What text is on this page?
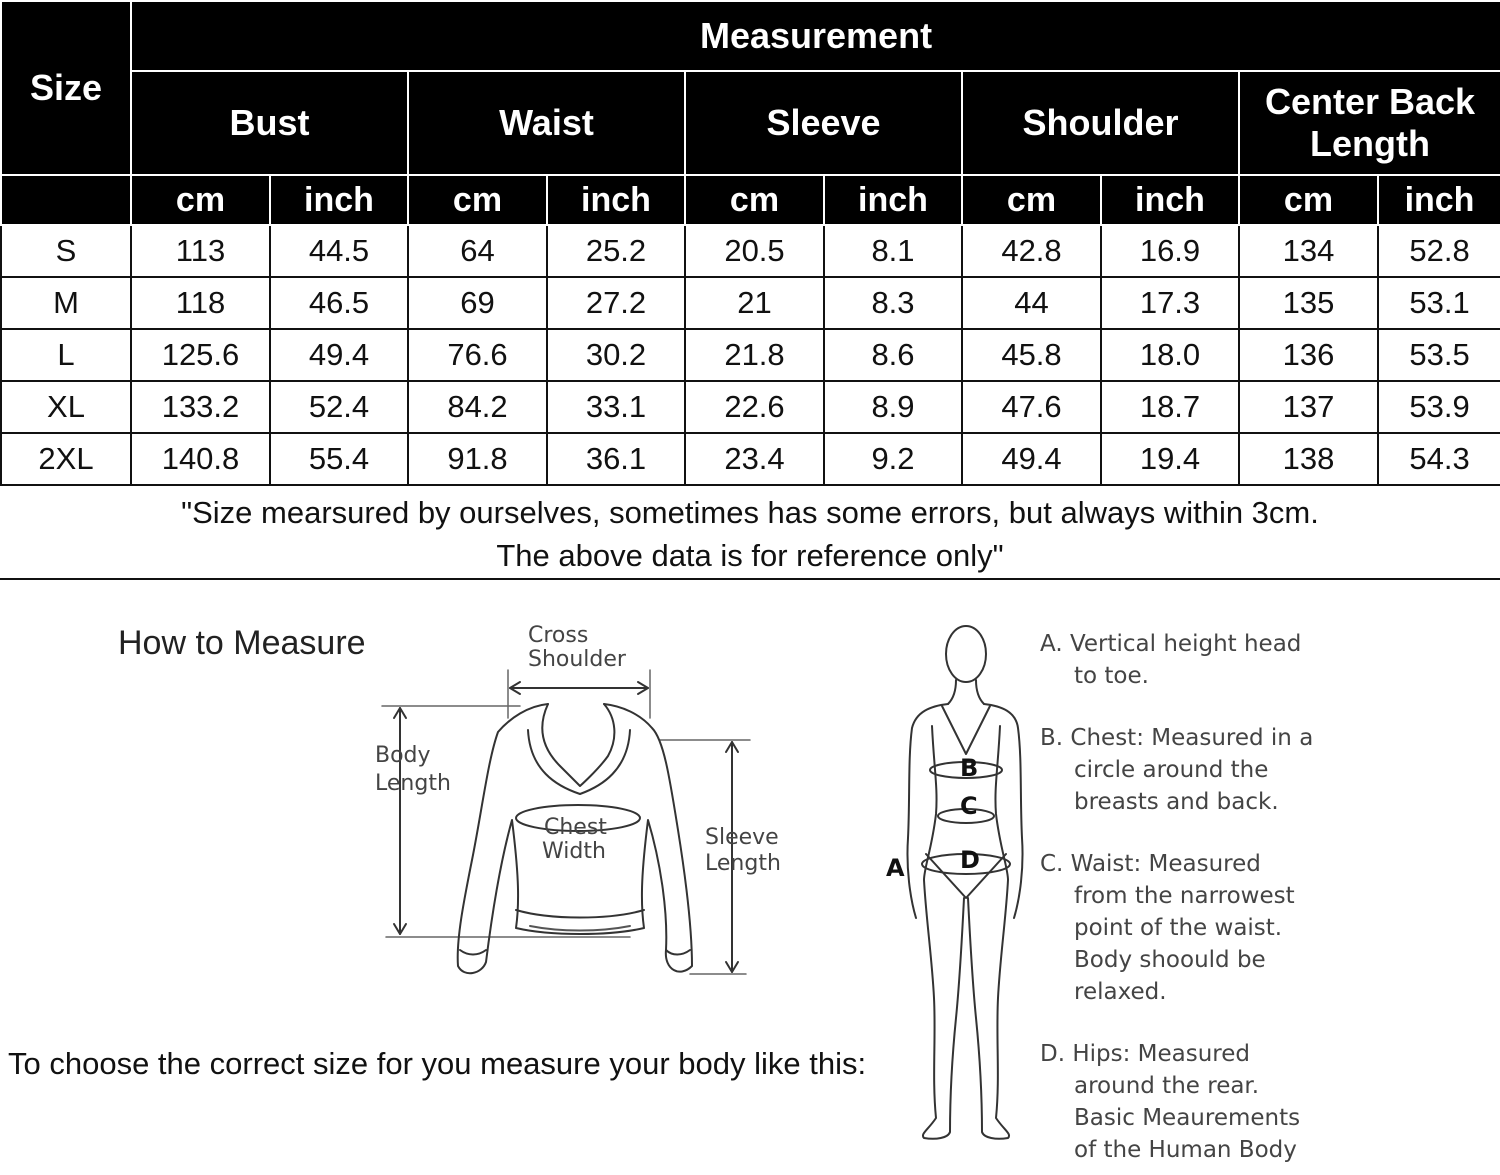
Size	Measurement									
	Bust		Waist		Sleeve		Shoulder		Center Back Length	
	cm	inch	cm	inch	cm	inch	cm	inch	cm	inch
S	113	44.5	64	25.2	20.5	8.1	42.8	16.9	134	52.8
M	118	46.5	69	27.2	21	8.3	44	17.3	135	53.1
L	125.6	49.4	76.6	30.2	21.8	8.6	45.8	18.0	136	53.5
XL	133.2	52.4	84.2	33.1	22.6	8.9	47.6	18.7	137	53.9
2XL	140.8	55.4	91.8	36.1	23.4	9.2	49.4	19.4	138	54.3
"Size mearsured by ourselves, sometimes has some errors, but always within 3cm.
The above data is for reference only"
How to Measure	Cross
Shoulder
Body
Length
Chest
Width
Sleeve
Length
B
C
D
A
A. Vertical height head
to toe.
B. Chest: Measured in a
circle around the
breasts and back.
C. Waist: Measured
from the narrowest
point of the waist.
Body shoould be
relaxed.
D. Hips: Measured
around the rear.
Basic Meaurements
of the Human Body
To choose the correct size for you measure your body like this:
